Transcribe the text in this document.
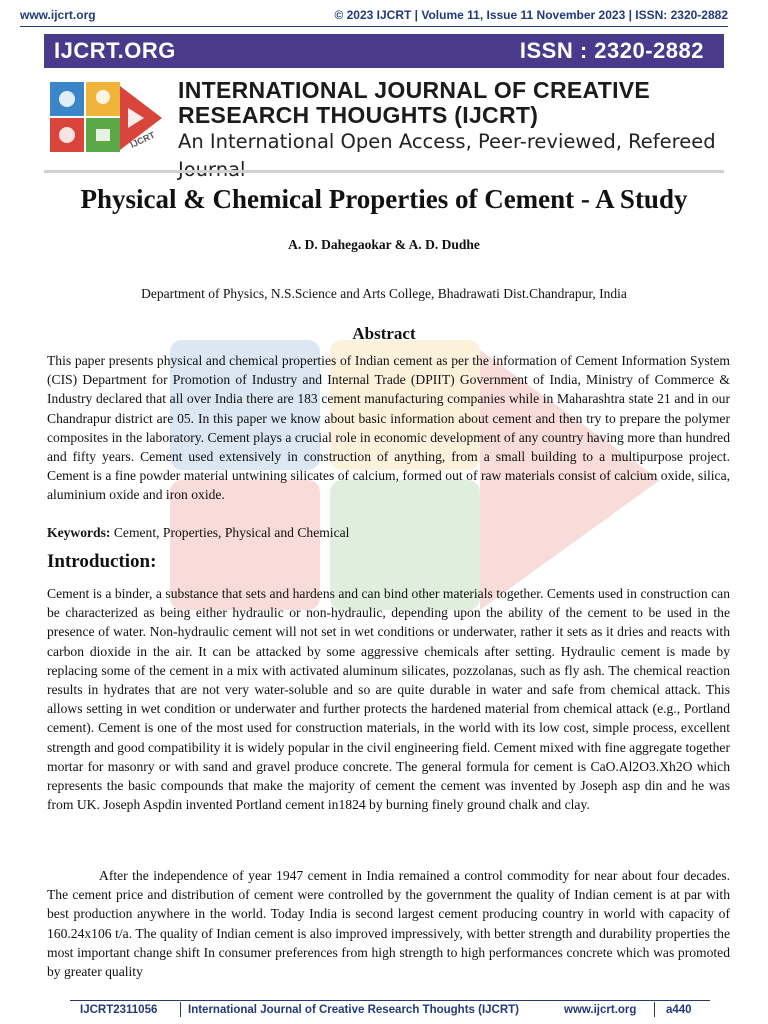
www.ijcrt.org	© 2023 IJCRT | Volume 11, Issue 11 November 2023 | ISSN: 2320-2882
IJCRT.ORG	ISSN : 2320-2882
IJCRT
INTERNATIONAL JOURNAL OF CREATIVE
RESEARCH THOUGHTS (IJCRT)
An International Open Access, Peer-reviewed, Refereed
Physical & Chemical Properties of Cement - A Study
A. D. Dahegaokar & A. D. Dudhe
Department of Physics, N.S.Science and Arts College, Bhadrawati Dist.Chandrapur, India
Abstract
This paper presents physical and chemical properties of Indian cement as per the information of Cement Information System (CIS) Department for Promotion of Industry and Internal Trade (DPIIT) Government of India, Ministry of Commerce & Industry declared that all over India there are 183 cement manufacturing companies while in Maharashtra state 21 and in our Chandrapur district are 05. In this paper we know about basic information about cement and then try to prepare the polymer composites in the laboratory. Cement plays a crucial role in economic development of any country having more than hundred and fifty years. Cement used extensively in construction of anything, from a small building to a multipurpose project. Cement is a fine powder material untwining silicates of calcium, formed out of raw materials consist of calcium oxide, silica, aluminium oxide and iron oxide.
Keywords: Cement, Properties, Physical and Chemical
Introduction:
Cement is a binder, a substance that sets and hardens and can bind other materials together. Cements used in construction can be characterized as being either hydraulic or non-hydraulic, depending upon the ability of the cement to be used in the presence of water. Non-hydraulic cement will not set in wet conditions or underwater, rather it sets as it dries and reacts with carbon dioxide in the air. It can be attacked by some aggressive chemicals after setting. Hydraulic cement is made by replacing some of the cement in a mix with activated aluminum silicates, pozzolanas, such as fly ash. The chemical reaction results in hydrates that are not very water-soluble and so are quite durable in water and safe from chemical attack. This allows setting in wet condition or underwater and further protects the hardened material from chemical attack (e.g., Portland cement). Cement is one of the most used for construction materials, in the world with its low cost, simple process, excellent strength and good compatibility it is widely popular in the civil engineering field. Cement mixed with fine aggregate together mortar for masonry or with sand and gravel produce concrete. The general formula for cement is CaO.Al2O3.Xh2O which represents the basic compounds that make the majority of cement the cement was invented by Joseph asp din and he was from UK. Joseph Aspdin invented Portland cement in1824 by burning finely ground chalk and clay.
After the independence of year 1947 cement in India remained a control commodity for near about four decades. The cement price and distribution of cement were controlled by the government the quality of Indian cement is at par with best production anywhere in the world. Today India is second largest cement producing country in world with capacity of 160.24x106 t/a. The quality of Indian cement is also improved impressively, with better strength and durability properties the most important change shift In consumer preferences from high strength to high performances concrete which was promoted by greater quality
IJCRT2311056	International Journal of Creative Research Thoughts (IJCRT)	www.ijcrt.org	a440
